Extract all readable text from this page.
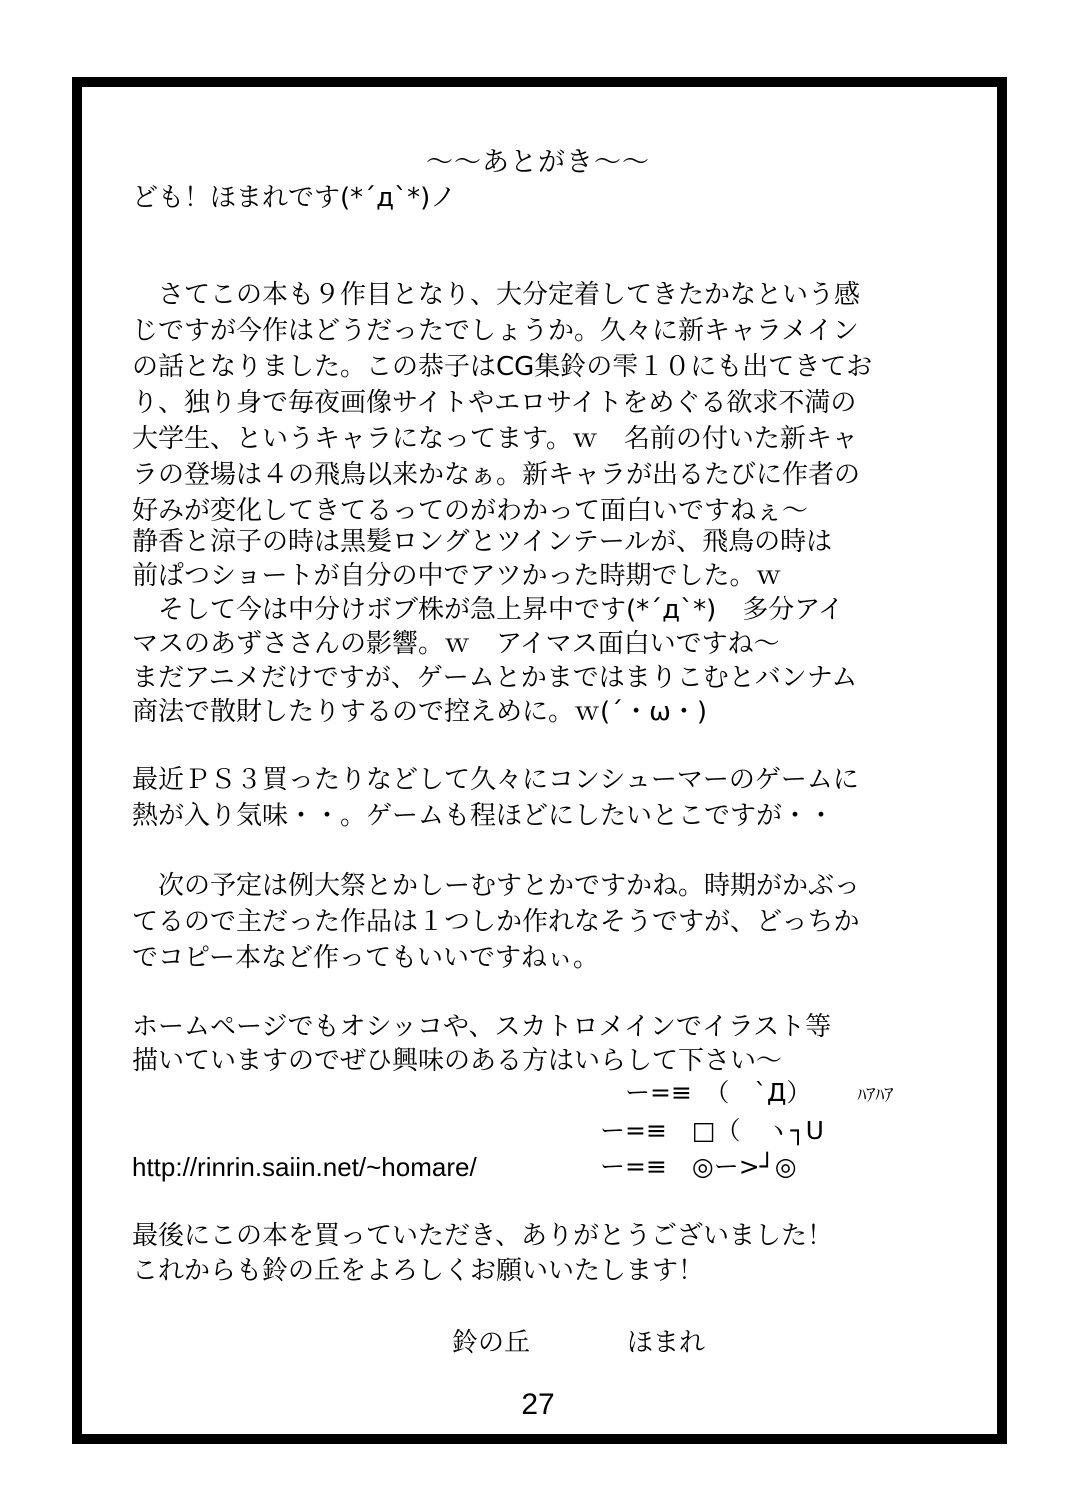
〜〜あとがき〜〜
ども！ほまれです(*´д`*)ノ
　さてこの本も９作目となり、大分定着してきたかなという感
じですが今作はどうだったでしょうか。久々に新キャラメイン
の話となりました。この恭子はCG集鈴の雫１０にも出てきてお
り、独り身で毎夜画像サイトやエロサイトをめぐる欲求不満の
大学生、というキャラになってます。ｗ　名前の付いた新キャ
ラの登場は４の飛鳥以来かなぁ。新キャラが出るたびに作者の
好みが変化してきてるってのがわかって面白いですねぇ〜
静香と涼子の時は黒髪ロングとツインテールが、飛鳥の時は
前ぱつショートが自分の中でアツかった時期でした。ｗ
　そして今は中分けボブ株が急上昇中です(*´д`*)　多分アイ
マスのあずささんの影響。ｗ　アイマス面白いですね〜
まだアニメだけですが、ゲームとかまではまりこむとバンナム
商法で散財したりするので控えめに。ｗ(´・ω・)
最近ＰＳ３買ったりなどして久々にコンシューマーのゲームに
熱が入り気味・・。ゲームも程ほどにしたいとこですが・・
　次の予定は例大祭とかしーむすとかですかね。時期がかぶっ
てるので主だった作品は１つしか作れなそうですが、どっちか
でコピー本など作ってもいいですねぃ。
ホームページでもオシッコや、スカトロメインでイラスト等
描いていますのでぜひ興味のある方はいらして下さい〜
ー=≡　（　`Д）	ﾊｱﾊｱ
ー=≡　□（　ヽ┐U
http://rinrin.saiin.net/~homare/	ー=≡　◎ー>┘◎
最後にこの本を買っていただき、ありがとうございました！
これからも鈴の丘をよろしくお願いいたします！
鈴の丘	ほまれ
27
